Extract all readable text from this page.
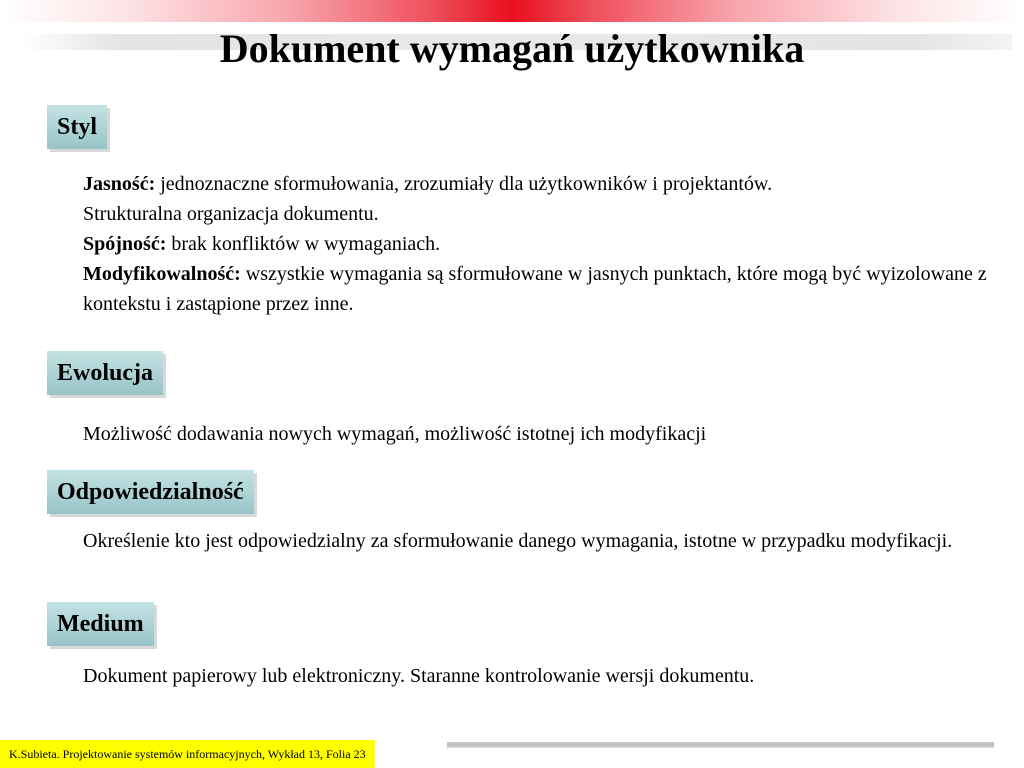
Dokument wymagań użytkownika
Styl
Jasność: jednoznaczne sformułowania, zrozumiały dla użytkowników i projektantów.
Strukturalna organizacja dokumentu.
Spójność: brak konfliktów w wymaganiach.
Modyfikowalność: wszystkie wymagania są sformułowane w jasnych punktach, które mogą być wyizolowane z kontekstu i zastąpione przez inne.
Ewolucja
Możliwość dodawania nowych wymagań, możliwość istotnej ich modyfikacji
Odpowiedzialność
Określenie kto jest odpowiedzialny za sformułowanie danego wymagania, istotne w przypadku modyfikacji.
Medium
Dokument papierowy lub elektroniczny. Staranne kontrolowanie wersji dokumentu.
K.Subieta. Projektowanie systemów informacyjnych, Wykład 13, Folia 23
